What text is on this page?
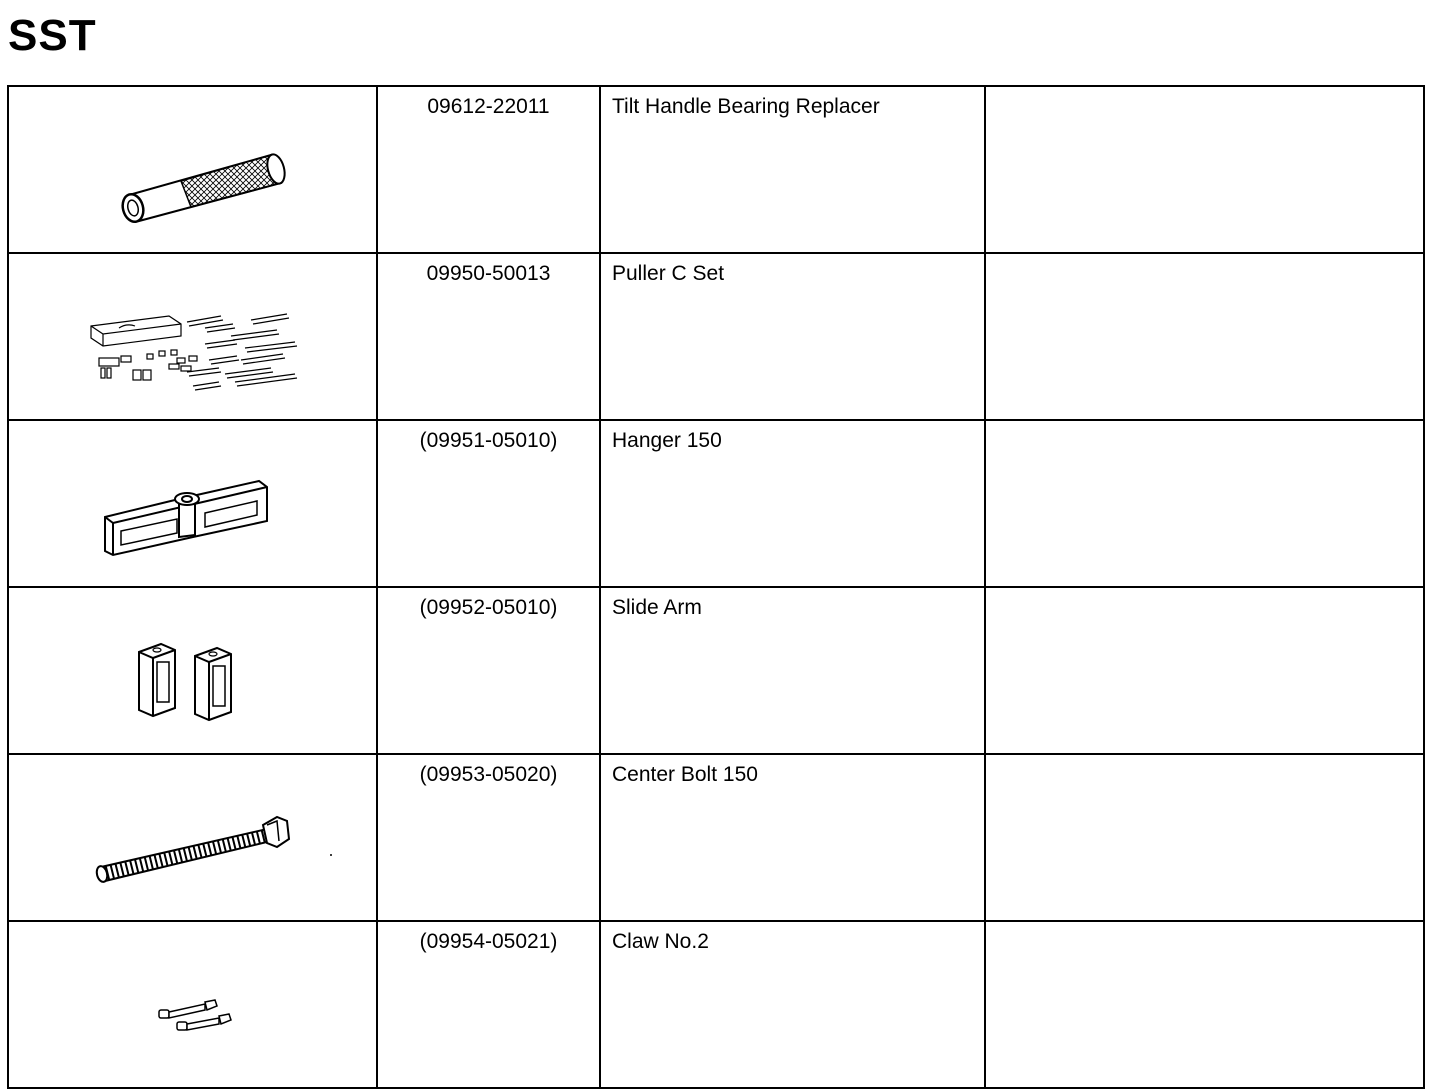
SST
	09612-22011	Tilt Handle Bearing Replacer	

	09950-50013	Puller C Set	

	(09951-05010)	Hanger 150	

	(09952-05010)	Slide Arm	

	(09953-05020)	Center Bolt 150	

	(09954-05021)	Claw No.2	
